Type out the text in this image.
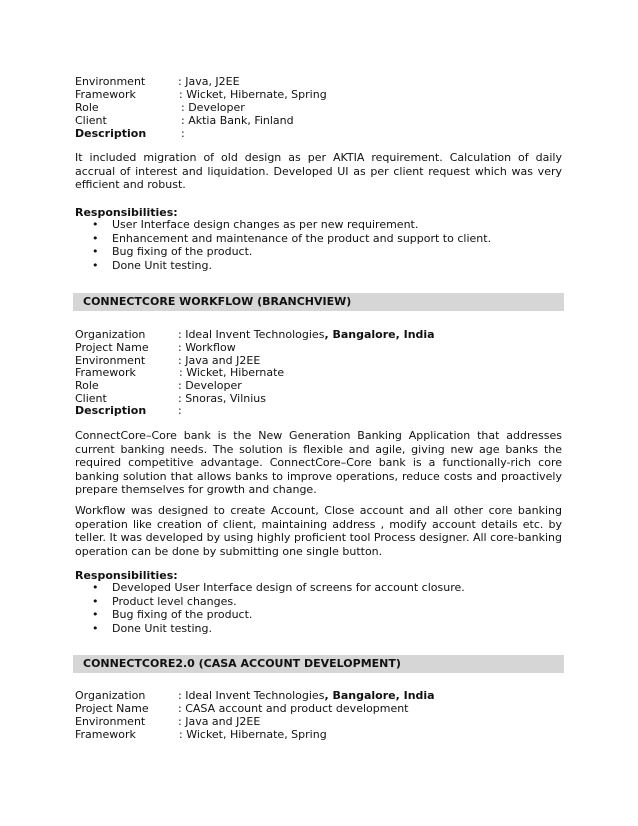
Environment	: Java, J2EE
Framework	: Wicket, Hibernate, Spring
Role	: Developer
Client	: Aktia Bank, Finland
Description	:

It included migration of old design as per AKTIA requirement. Calculation of daily accrual of interest and liquidation. Developed UI as per client request which was very efficient and robust.

Responsibilities:
• User Interface design changes as per new requirement.
• Enhancement and maintenance of the product and support to client.
• Bug fixing of the product.
• Done Unit testing.
CONNECTCORE WORKFLOW (BRANCHVIEW)
Organization	: Ideal Invent Technologies, Bangalore, India
Project Name	: Workflow
Environment	: Java and J2EE
Framework	: Wicket, Hibernate
Role	: Developer
Client	: Snoras, Vilnius
Description	:

ConnectCore–Core bank is the New Generation Banking Application that addresses current banking needs. The solution is flexible and agile, giving new age banks the required competitive advantage. ConnectCore–Core bank is a functionally-rich core banking solution that allows banks to improve operations, reduce costs and proactively prepare themselves for growth and change.

Workflow was designed to create Account, Close account and all other core banking operation like creation of client, maintaining address , modify account details etc. by teller. It was developed by using highly proficient tool Process designer. All core-banking operation can be done by submitting one single button.

Responsibilities:
• Developed User Interface design of screens for account closure.
• Product level changes.
• Bug fixing of the product.
• Done Unit testing.
CONNECTCORE2.0 (CASA ACCOUNT DEVELOPMENT)
Organization	: Ideal Invent Technologies, Bangalore, India
Project Name	: CASA account and product development
Environment	: Java and J2EE
Framework	: Wicket, Hibernate, Spring
